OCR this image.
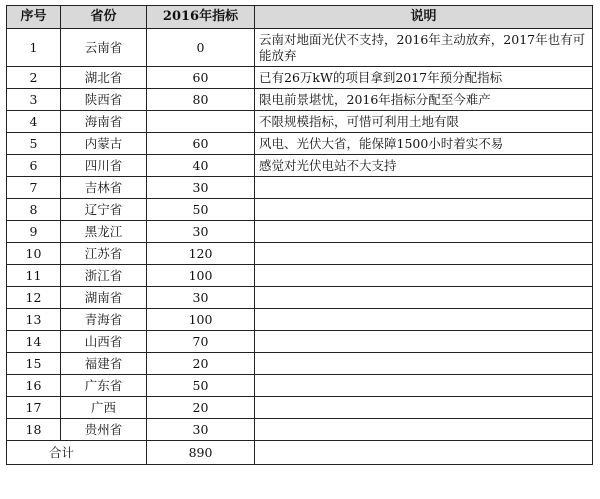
序号	省份	2016年指标	说明
1	云南省	0	云南对地面光伏不支持，2016年主动放弃，2017年也有可能放弃
2	湖北省	60	已有26万kW的项目拿到2017年预分配指标
3	陕西省	80	限电前景堪忧，2016年指标分配至今难产
4	海南省		不限规模指标，可惜可利用土地有限
5	内蒙古	60	风电、光伏大省，能保障1500小时着实不易
6	四川省	40	感觉对光伏电站不大支持
7	吉林省	30	
8	辽宁省	50	
9	黑龙江	30	
10	江苏省	120	
11	浙江省	100	
12	湖南省	30	
13	青海省	100	
14	山西省	70	
15	福建省	20	
16	广东省	50	
17	广西	20	
18	贵州省	30	
合计		890	
